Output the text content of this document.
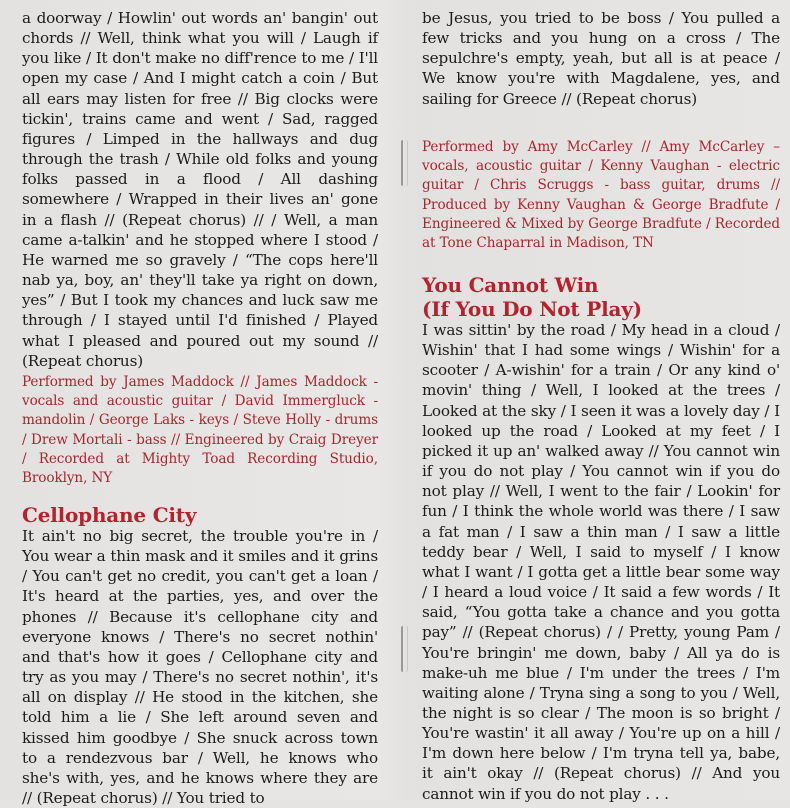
a doorway / Howlin' out words an' bangin' out chords // Well, think what you will / Laugh if you like / It don't make no diff'rence to me / I'll open my case / And I might catch a coin / But all ears may listen for free // Big clocks were tickin', trains came and went / Sad, ragged figures / Limped in the hallways and dug through the trash / While old folks and young folks passed in a flood / All dashing somewhere / Wrapped in their lives an' gone in a flash // (Repeat chorus) // / Well, a man came a-talkin' and he stopped where I stood / He warned me so gravely / “The cops here'll nab ya, boy, an' they'll take ya right on down, yes” / But I took my chances and luck saw me through / I stayed until I'd finished / Played what I pleased and poured out my sound // (Repeat chorus)

Performed by James Maddock // James Maddock - vocals and acoustic guitar / David Immergluck - mandolin / George Laks - keys / Steve Holly - drums / Drew Mortali - bass // Engineered by Craig Dreyer / Recorded at Mighty Toad Recording Studio, Brooklyn, NY

Cellophane City

It ain't no big secret, the trouble you're in / You wear a thin mask and it smiles and it grins / You can't get no credit, you can't get a loan / It's heard at the parties, yes, and over the phones // Because it's cellophane city and everyone knows / There's no secret nothin' and that's how it goes / Cellophane city and try as you may / There's no secret nothin', it's all on display // He stood in the kitchen, she told him a lie / She left around seven and kissed him goodbye / She snuck across town to a rendezvous bar / Well, he knows who she's with, yes, and he knows where they are // (Repeat chorus) // You tried to

be Jesus, you tried to be boss / You pulled a few tricks and you hung on a cross / The sepulchre's empty, yeah, but all is at peace / We know you're with Magdalene, yes, and sailing for Greece // (Repeat chorus)

Performed by Amy McCarley // Amy McCarley – vocals, acoustic guitar / Kenny Vaughan - electric guitar / Chris Scruggs - bass guitar, drums // Produced by Kenny Vaughan & George Bradfute / Engineered & Mixed by George Bradfute / Recorded at Tone Chaparral in Madison, TN

You Cannot Win
(If You Do Not Play)

I was sittin' by the road / My head in a cloud / Wishin' that I had some wings / Wishin' for a scooter / A-wishin' for a train / Or any kind o' movin' thing / Well, I looked at the trees / Looked at the sky / I seen it was a lovely day / I looked up the road / Looked at my feet / I picked it up an' walked away // You cannot win if you do not play / You cannot win if you do not play // Well, I went to the fair / Lookin' for fun / I think the whole world was there / I saw a fat man / I saw a thin man / I saw a little teddy bear / Well, I said to myself / I know what I want / I gotta get a little bear some way / I heard a loud voice / It said a few words / It said, “You gotta take a chance and you gotta pay” // (Repeat chorus) / / Pretty, young Pam / You're bringin' me down, baby / All ya do is make-uh me blue / I'm under the trees / I'm waiting alone / Tryna sing a song to you / Well, the night is so clear / The moon is so bright / You're wastin' it all away / You're up on a hill / I'm down here below / I'm tryna tell ya, babe, it ain't okay // (Repeat chorus) // And you cannot win if you do not play . . .
